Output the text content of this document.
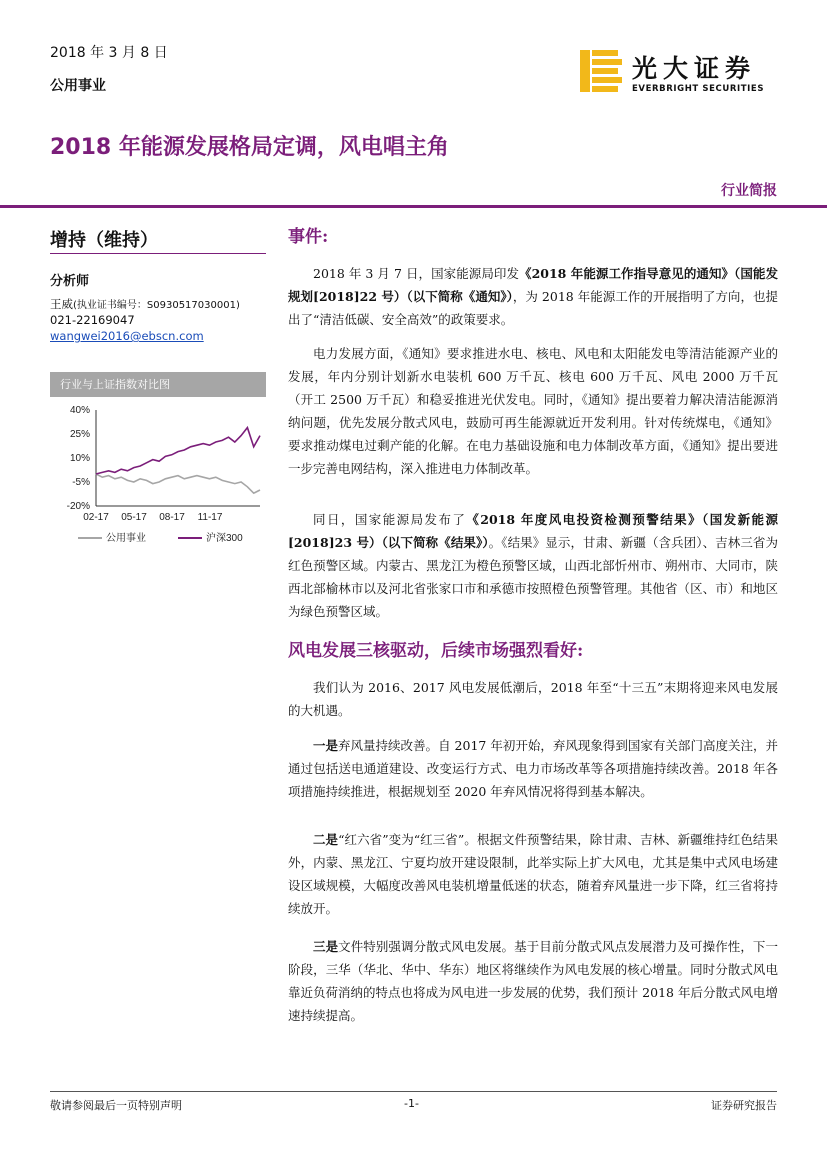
2018 年 3 月 8 日
公用事业
光大证券
EVERBRIGHT SECURITIES
2018 年能源发展格局定调，风电唱主角
行业简报
增持（维持）
分析师
王威(执业证书编号：S0930517030001)
021-22169047
wangwei2016@ebscn.com
行业与上证指数对比图
40%
25%
10%
-5%
-20%
02-17 05-17 08-17 11-17
公用事业	沪深300
事件:

2018 年 3 月 7 日，国家能源局印发《2018 年能源工作指导意见的通知》（国能发规划[2018]22 号）（以下简称《通知》），为 2018 年能源工作的开展指明了方向，也提出了“清洁低碳、安全高效”的政策要求。

电力发展方面，《通知》要求推进水电、核电、风电和太阳能发电等清洁能源产业的发展，年内分别计划新水电装机 600 万千瓦、核电 600 万千瓦、风电 2000 万千瓦（开工 2500 万千瓦）和稳妥推进光伏发电。同时，《通知》提出要着力解决清洁能源消纳问题，优先发展分散式风电，鼓励可再生能源就近开发利用。针对传统煤电，《通知》要求推动煤电过剩产能的化解。在电力基础设施和电力体制改革方面，《通知》提出要进一步完善电网结构，深入推进电力体制改革。

同日，国家能源局发布了《2018 年度风电投资检测预警结果》（国发新能源[2018]23 号）（以下简称《结果》）。《结果》显示，甘肃、新疆（含兵团）、吉林三省为红色预警区域。内蒙古、黑龙江为橙色预警区域，山西北部忻州市、朔州市、大同市，陕西北部榆林市以及河北省张家口市和承德市按照橙色预警管理。其他省（区、市）和地区为绿色预警区域。

风电发展三核驱动，后续市场强烈看好:

我们认为 2016、2017 风电发展低潮后，2018 年至“十三五”末期将迎来风电发展的大机遇。

一是弃风量持续改善。自 2017 年初开始，弃风现象得到国家有关部门高度关注，并通过包括送电通道建设、改变运行方式、电力市场改革等各项措施持续改善。2018 年各项措施持续推进，根据规划至 2020 年弃风情况将得到基本解决。

二是“红六省”变为“红三省”。根据文件预警结果，除甘肃、吉林、新疆维持红色结果外，内蒙、黑龙江、宁夏均放开建设限制，此举实际上扩大风电，尤其是集中式风电场建设区域规模，大幅度改善风电装机增量低迷的状态，随着弃风量进一步下降，红三省将持续放开。

三是文件特别强调分散式风电发展。基于目前分散式风点发展潜力及可操作性，下一阶段，三华（华北、华中、华东）地区将继续作为风电发展的核心增量。同时分散式风电靠近负荷消纳的特点也将成为风电进一步发展的优势，我们预计 2018 年后分散式风电增速持续提高。

敬请参阅最后一页特别声明	-1-	证券研究报告
